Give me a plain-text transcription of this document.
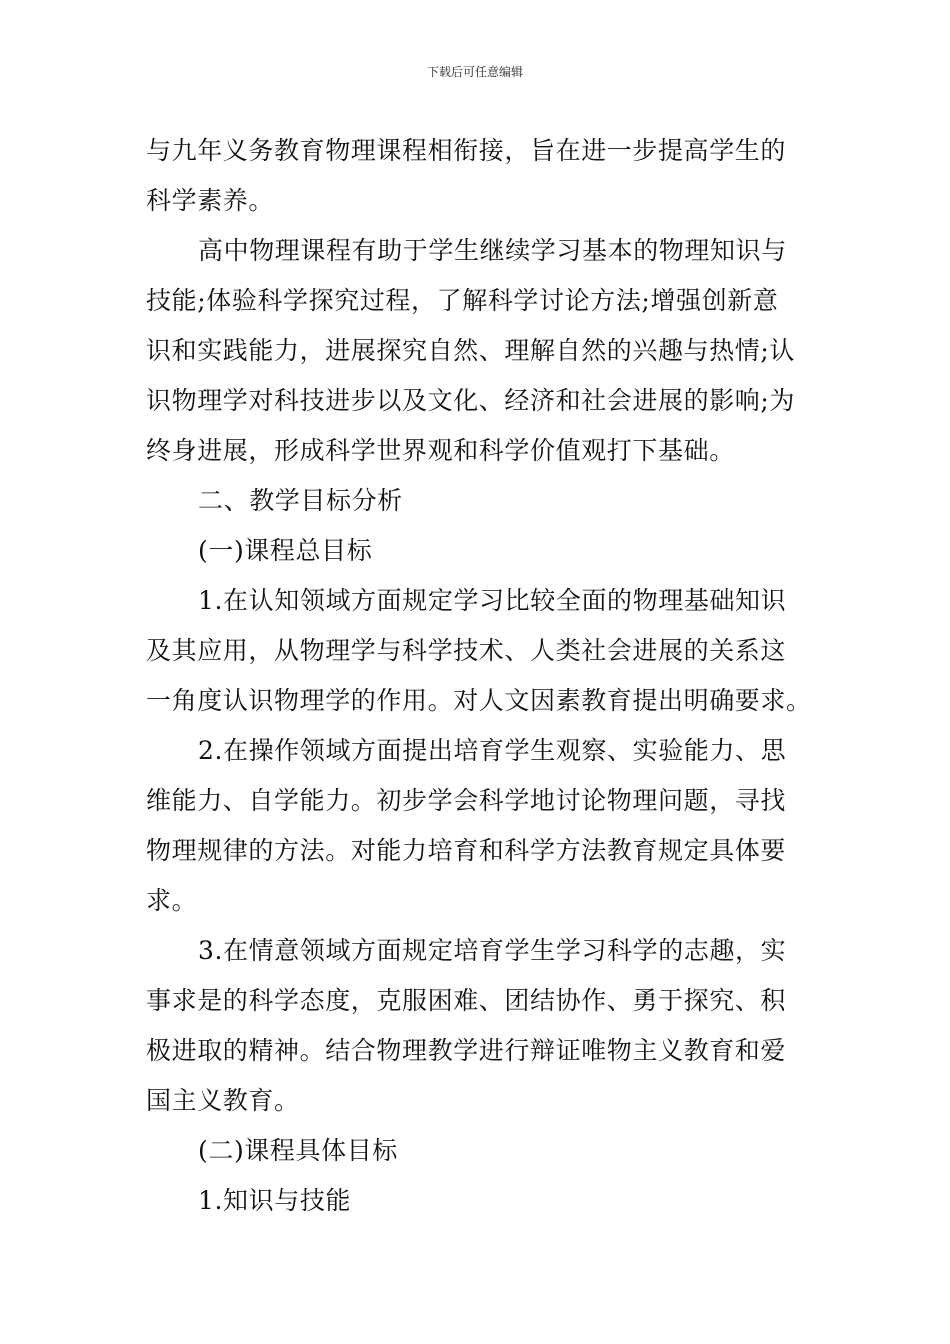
下载后可任意编辑
与九年义务教育物理课程相衔接，旨在进一步提高学生的
科学素养。
高中物理课程有助于学生继续学习基本的物理知识与
技能;体验科学探究过程，了解科学讨论方法;增强创新意
识和实践能力，进展探究自然、理解自然的兴趣与热情;认
识物理学对科技进步以及文化、经济和社会进展的影响;为
终身进展，形成科学世界观和科学价值观打下基础。
二、教学目标分析
(一)课程总目标
1.在认知领域方面规定学习比较全面的物理基础知识
及其应用，从物理学与科学技术、人类社会进展的关系这
一角度认识物理学的作用。对人文因素教育提出明确要求。
2.在操作领域方面提出培育学生观察、实验能力、思
维能力、自学能力。初步学会科学地讨论物理问题，寻找
物理规律的方法。对能力培育和科学方法教育规定具体要
求。
3.在情意领域方面规定培育学生学习科学的志趣，实
事求是的科学态度，克服困难、团结协作、勇于探究、积
极进取的精神。结合物理教学进行辩证唯物主义教育和爱
国主义教育。
(二)课程具体目标
1.知识与技能
